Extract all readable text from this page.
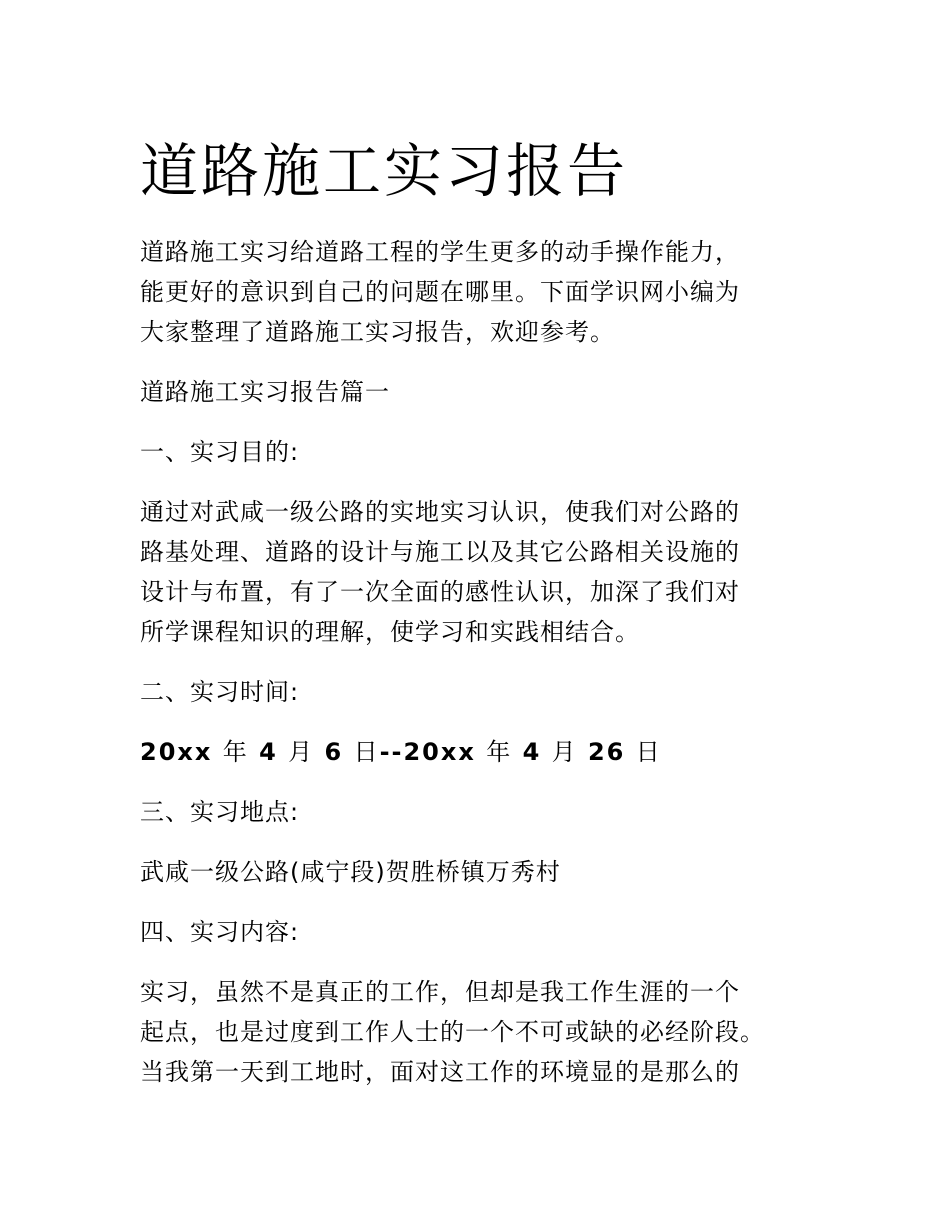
道路施工实习报告
道路施工实习给道路工程的学生更多的动手操作能力，
能更好的意识到自己的问题在哪里。下面学识网小编为
大家整理了道路施工实习报告，欢迎参考。
道路施工实习报告篇一
一、实习目的:
通过对武咸一级公路的实地实习认识，使我们对公路的
路基处理、道路的设计与施工以及其它公路相关设施的
设计与布置，有了一次全面的感性认识，加深了我们对
所学课程知识的理解，使学习和实践相结合。
二、实习时间:
20xx 年 4 月 6 日--20xx 年 4 月 26 日
三、实习地点:
武咸一级公路(咸宁段)贺胜桥镇万秀村
四、实习内容:
实习，虽然不是真正的工作，但却是我工作生涯的一个
起点，也是过度到工作人士的一个不可或缺的必经阶段。
当我第一天到工地时，面对这工作的环境显的是那么的
